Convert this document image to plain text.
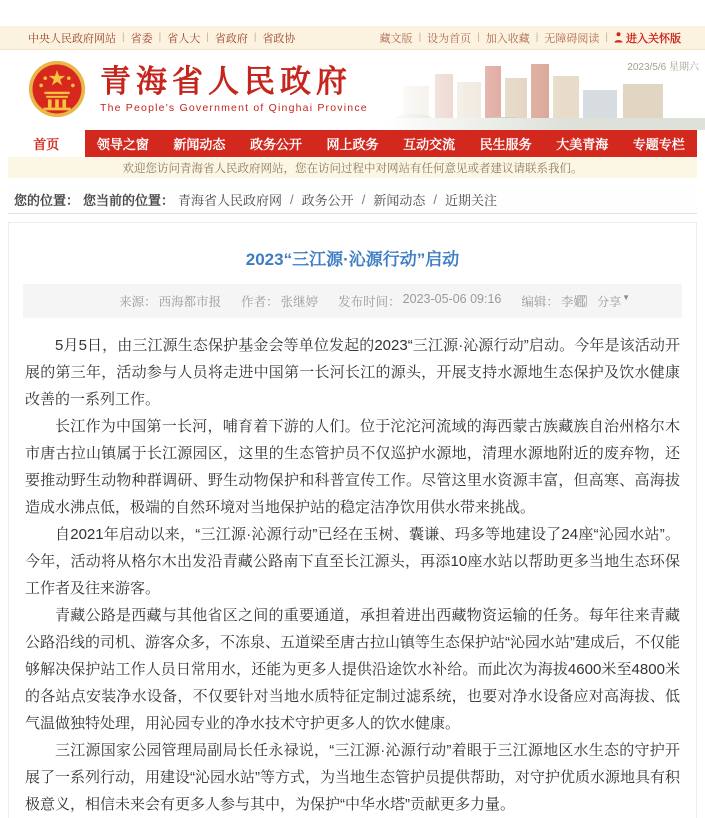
中央人民政府网站 | 省委 | 省人大 | 省政府 | 省政协	藏文版 | 设为首页 | 加入收藏 | 无障碍阅读 | 进入关怀版
2023/5/6 星期六
青海省人民政府
The People's Government of Qinghai Province
首页	领导之窗	新闻动态	政务公开	网上政务	互动交流	民生服务	大美青海	专题专栏
欢迎您访问青海省人民政府网站，您在访问过程中对网站有任何意见或者建议请联系我们。
您的位置： 您当前的位置： 青海省人民政府网 / 政务公开 / 新闻动态 / 近期关注
2023“三江源·沁源行动”启动
来源： 西海都市报 作者： 张继婷 发布时间： 2023-05-06 09:16 编辑： 李娜 分享 ▼

5月5日，由三江源生态保护基金会等单位发起的2023“三江源·沁源行动”启动。今年是该活动开展的第三年，活动参与人员将走进中国第一长河长江的源头，开展支持水源地生态保护及饮水健康改善的一系列工作。

长江作为中国第一长河，哺育着下游的人们。位于沱沱河流域的海西蒙古族藏族自治州格尔木市唐古拉山镇属于长江源园区，这里的生态管护员不仅巡护水源地，清理水源地附近的废弃物，还要推动野生动物种群调研、野生动物保护和科普宣传工作。尽管这里水资源丰富，但高寒、高海拔造成水沸点低，极端的自然环境对当地保护站的稳定洁净饮用供水带来挑战。

自2021年启动以来，“三江源·沁源行动”已经在玉树、囊谦、玛多等地建设了24座“沁园水站”。今年，活动将从格尔木出发沿青藏公路南下直至长江源头，再添10座水站以帮助更多当地生态环保工作者及往来游客。

青藏公路是西藏与其他省区之间的重要通道，承担着进出西藏物资运输的任务。每年往来青藏公路沿线的司机、游客众多，不冻泉、五道梁至唐古拉山镇等生态保护站“沁园水站”建成后，不仅能够解决保护站工作人员日常用水，还能为更多人提供沿途饮水补给。而此次为海拔4600米至4800米的各站点安装净水设备，不仅要针对当地水质特征定制过滤系统，也要对净水设备应对高海拔、低气温做独特处理，用沁园专业的净水技术守护更多人的饮水健康。

三江源国家公园管理局副局长任永禄说，“三江源·沁源行动”着眼于三江源地区水生态的守护开展了一系列行动，用建设“沁园水站”等方式，为当地生态管护员提供帮助，对守护优质水源地具有积极意义，相信未来会有更多人参与其中，为保护“中华水塔”贡献更多力量。
